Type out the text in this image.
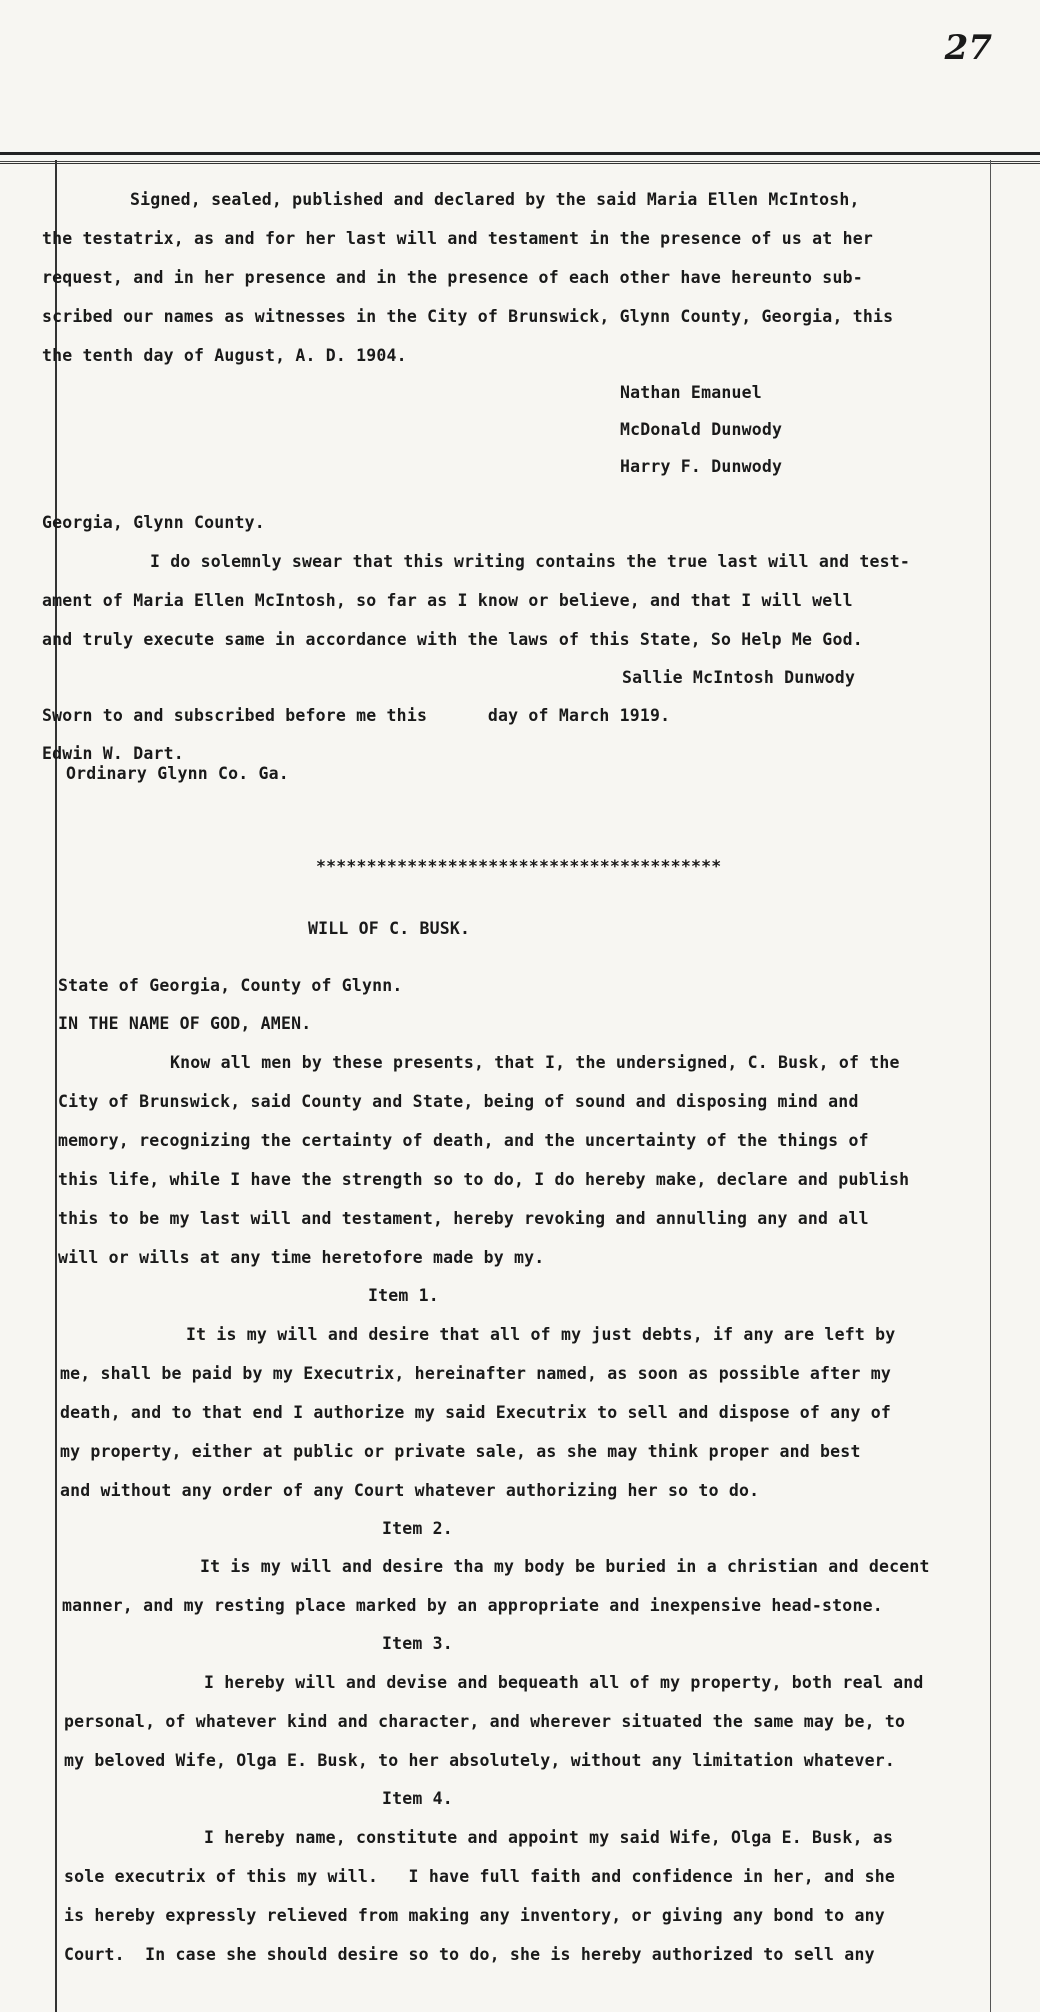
27
Signed, sealed, published and declared by the said Maria Ellen McIntosh,
the testatrix, as and for her last will and testament in the presence of us at her
request, and in her presence and in the presence of each other have hereunto sub-
scribed our names as witnesses in the City of Brunswick, Glynn County, Georgia, this
the tenth day of August, A. D. 1904.
Nathan Emanuel
McDonald Dunwody
Harry F. Dunwody
Georgia, Glynn County.
I do solemnly swear that this writing contains the true last will and test-
ament of Maria Ellen McIntosh, so far as I know or believe, and that I will well
and truly execute same in accordance with the laws of this State, So Help Me God.
Sallie McIntosh Dunwody
Sworn to and subscribed before me this      day of March 1919.
Edwin W. Dart.
Ordinary Glynn Co. Ga.
****************************************
WILL OF C. BUSK.
State of Georgia, County of Glynn.
IN THE NAME OF GOD, AMEN.
Know all men by these presents, that I, the undersigned, C. Busk, of the
City of Brunswick, said County and State, being of sound and disposing mind and
memory, recognizing the certainty of death, and the uncertainty of the things of
this life, while I have the strength so to do, I do hereby make, declare and publish
this to be my last will and testament, hereby revoking and annulling any and all
will or wills at any time heretofore made by my.
Item 1.
It is my will and desire that all of my just debts, if any are left by
me, shall be paid by my Executrix, hereinafter named, as soon as possible after my
death, and to that end I authorize my said Executrix to sell and dispose of any of
my property, either at public or private sale, as she may think proper and best
and without any order of any Court whatever authorizing her so to do.
Item 2.
It is my will and desire tha my body be buried in a christian and decent
manner, and my resting place marked by an appropriate and inexpensive head-stone.
Item 3.
I hereby will and devise and bequeath all of my property, both real and
personal, of whatever kind and character, and wherever situated the same may be, to
my beloved Wife, Olga E. Busk, to her absolutely, without any limitation whatever.
Item 4.
I hereby name, constitute and appoint my said Wife, Olga E. Busk, as
sole executrix of this my will.   I have full faith and confidence in her, and she
is hereby expressly relieved from making any inventory, or giving any bond to any
Court.  In case she should desire so to do, she is hereby authorized to sell any
